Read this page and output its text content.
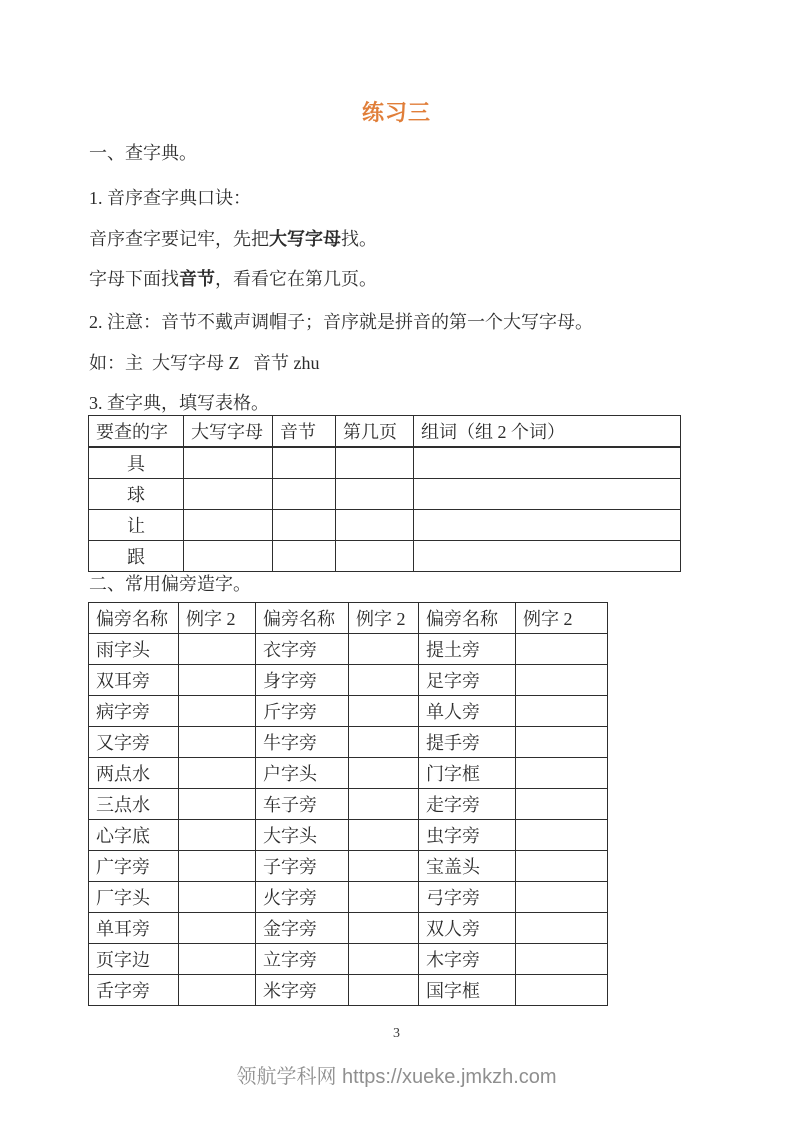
练习三
一、查字典。
1. 音序查字典口诀：
音序查字要记牢，先把大写字母找。
字母下面找音节，看看它在第几页。
2. 注意：音节不戴声调帽子；音序就是拼音的第一个大写字母。
如：主  大写字母 Z   音节 zhu
3. 查字典，填写表格。
要查的字	大写字母	音节	第几页	组词（组 2 个词）
具				
球				
让				
跟				
二、常用偏旁造字。
偏旁名称	例字 2	偏旁名称	例字 2	偏旁名称	例字 2
雨字头		衣字旁		提土旁	
双耳旁		身字旁		足字旁	
病字旁		斤字旁		单人旁	
又字旁		牛字旁		提手旁	
两点水		户字头		门字框	
三点水		车子旁		走字旁	
心字底		大字头		虫字旁	
广字旁		子字旁		宝盖头	
厂字头		火字旁		弓字旁	
单耳旁		金字旁		双人旁	
页字边		立字旁		木字旁	
舌字旁		米字旁		国字框	
3
领航学科网 https://xueke.jmkzh.com
